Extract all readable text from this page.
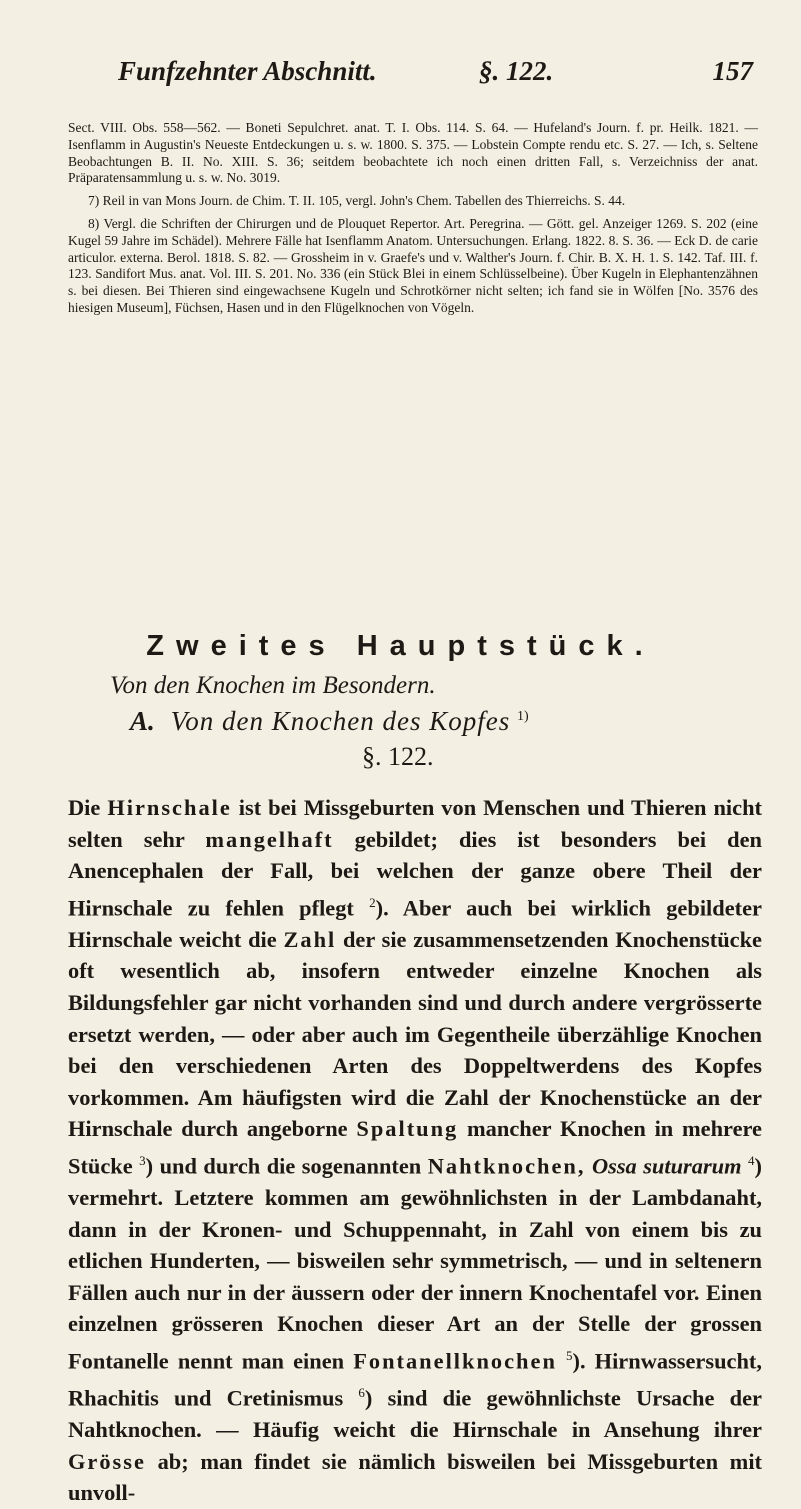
Funfzehnter Abschnitt.	§. 122.	157

Sect. VIII. Obs. 558—562. — Boneti Sepulchret. anat. T. I. Obs. 114. S. 64. — Hufeland's Journ. f. pr. Heilk. 1821. — Isenflamm in Augustin's Neueste Entdeckungen u. s. w. 1800. S. 375. — Lobstein Compte rendu etc. S. 27. — Ich, s. Seltene Beobachtungen B. II. No. XIII. S. 36; seitdem beobachtete ich noch einen dritten Fall, s. Verzeichniss der anat. Präparatensammlung u. s. w. No. 3019.

7) Reil in van Mons Journ. de Chim. T. II. 105, vergl. John's Chem. Tabellen des Thierreichs. S. 44.

8) Vergl. die Schriften der Chirurgen und de Plouquet Repertor. Art. Peregrina. — Gött. gel. Anzeiger 1269. S. 202 (eine Kugel 59 Jahre im Schädel). Mehrere Fälle hat Isenflamm Anatom. Untersuchungen. Erlang. 1822. 8. S. 36. — Eck D. de carie articulor. externa. Berol. 1818. S. 82. — Grossheim in v. Graefe's und v. Walther's Journ. f. Chir. B. X. H. 1. S. 142. Taf. III. f. 123. Sandifort Mus. anat. Vol. III. S. 201. No. 336 (ein Stück Blei in einem Schlüsselbeine). Über Kugeln in Elephantenzähnen s. bei diesen. Bei Thieren sind eingewachsene Kugeln und Schrotkörner nicht selten; ich fand sie in Wölfen [No. 3576 des hiesigen Museum], Füchsen, Hasen und in den Flügelknochen von Vögeln.

Zweites Hauptstück.
Von den Knochen im Besondern.
A. Von den Knochen des Kopfes $^{1)}$
§. 122.
Die Hirnschale ist bei Missgeburten von Menschen und Thieren nicht selten sehr mangelhaft gebildet; dies ist besonders bei den Anencephalen der Fall, bei welchen der ganze obere Theil der Hirnschale zu fehlen pflegt $^2$). Aber auch bei wirklich gebildeter Hirnschale weicht die Zahl der sie zusammensetzenden Knochenstücke oft wesentlich ab, insofern entweder einzelne Knochen als Bildungsfehler gar nicht vorhanden sind und durch andere vergrösserte ersetzt werden, — oder aber auch im Gegentheile überzählige Knochen bei den verschiedenen Arten des Doppeltwerdens des Kopfes vorkommen. Am häufigsten wird die Zahl der Knochenstücke an der Hirnschale durch angeborne Spaltung mancher Knochen in mehrere Stücke $^3$) und durch die sogenannten Nahtknochen, Ossa suturarum $^4$) vermehrt. Letztere kommen am gewöhnlichsten in der Lambdanaht, dann in der Kronen- und Schuppennaht, in Zahl von einem bis zu etlichen Hunderten, — bisweilen sehr symmetrisch, — und in seltenern Fällen auch nur in der äussern oder der innern Knochentafel vor. Einen einzelnen grösseren Knochen dieser Art an der Stelle der grossen Fontanelle nennt man einen Fontanellknochen $^5$). Hirnwassersucht, Rhachitis und Cretinismus $^6$) sind die gewöhnlichste Ursache der Nahtknochen. — Häufig weicht die Hirnschale in Ansehung ihrer Grösse ab; man findet sie nämlich bisweilen bei Missgeburten mit unvoll-
